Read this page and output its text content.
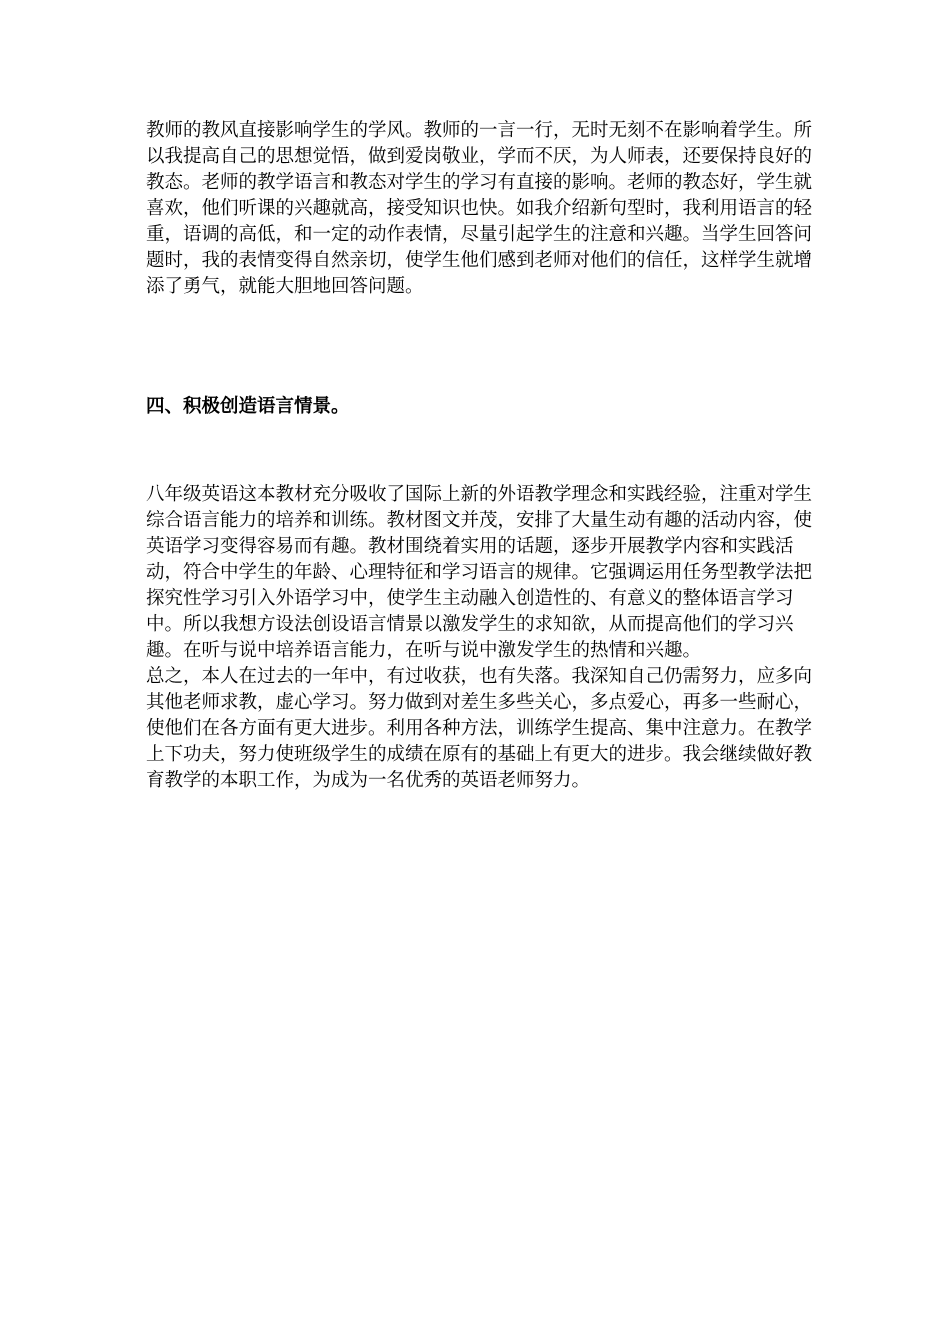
教师的教风直接影响学生的学风。教师的一言一行，无时无刻不在影响着学生。所以我提高自己的思想觉悟，做到爱岗敬业，学而不厌，为人师表，还要保持良好的教态。老师的教学语言和教态对学生的学习有直接的影响。老师的教态好，学生就喜欢，他们听课的兴趣就高，接受知识也快。如我介绍新句型时，我利用语言的轻重，语调的高低，和一定的动作表情，尽量引起学生的注意和兴趣。当学生回答问题时，我的表情变得自然亲切，使学生他们感到老师对他们的信任，这样学生就增添了勇气，就能大胆地回答问题。

四、积极创造语言情景。

八年级英语这本教材充分吸收了国际上新的外语教学理念和实践经验，注重对学生综合语言能力的培养和训练。教材图文并茂，安排了大量生动有趣的活动内容，使英语学习变得容易而有趣。教材围绕着实用的话题，逐步开展教学内容和实践活动，符合中学生的年龄、心理特征和学习语言的规律。它强调运用任务型教学法把探究性学习引入外语学习中，使学生主动融入创造性的、有意义的整体语言学习中。所以我想方设法创设语言情景以激发学生的求知欲，从而提高他们的学习兴趣。在听与说中培养语言能力，在听与说中激发学生的热情和兴趣。

总之，本人在过去的一年中，有过收获，也有失落。我深知自己仍需努力，应多向其他老师求教，虚心学习。努力做到对差生多些关心，多点爱心，再多一些耐心，使他们在各方面有更大进步。利用各种方法，训练学生提高、集中注意力。在教学上下功夫，努力使班级学生的成绩在原有的基础上有更大的进步。我会继续做好教育教学的本职工作，为成为一名优秀的英语老师努力。
